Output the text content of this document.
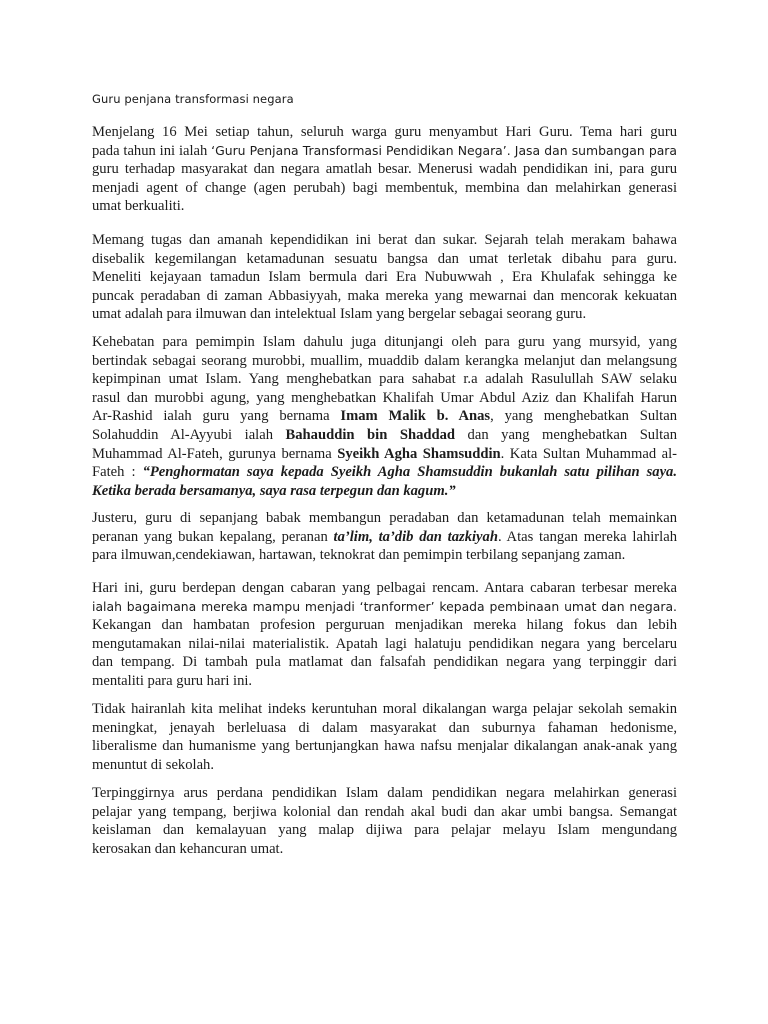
Guru penjana transformasi negara
Menjelang 16 Mei setiap tahun, seluruh warga guru menyambut Hari Guru. Tema hari guru
pada tahun ini ialah ‘Guru Penjana Transformasi Pendidikan Negara’. Jasa dan sumbangan para
guru terhadap masyarakat dan negara amatlah besar. Menerusi wadah pendidikan ini, para guru
menjadi agent of change (agen perubah) bagi membentuk, membina dan melahirkan generasi
umat berkualiti.
Memang tugas dan amanah kependidikan ini berat dan sukar. Sejarah telah merakam bahawa
disebalik kegemilangan ketamadunan sesuatu bangsa dan umat terletak dibahu para guru.
Meneliti kejayaan tamadun Islam bermula dari Era Nubuwwah , Era Khulafak sehingga ke
puncak peradaban di zaman Abbasiyyah, maka mereka yang mewarnai dan mencorak kekuatan
umat adalah para ilmuwan dan intelektual Islam yang bergelar sebagai seorang guru.
Kehebatan para pemimpin Islam dahulu juga ditunjangi oleh para guru yang mursyid, yang
bertindak sebagai seorang murobbi, muallim, muaddib dalam kerangka melanjut dan melangsung
kepimpinan umat Islam. Yang menghebatkan para sahabat r.a adalah Rasulullah SAW selaku
rasul dan murobbi agung, yang menghebatkan Khalifah Umar Abdul Aziz dan Khalifah Harun
Ar-Rashid ialah guru yang bernama Imam Malik b. Anas, yang menghebatkan Sultan
Solahuddin Al-Ayyubi ialah Bahauddin bin Shaddad dan yang menghebatkan Sultan
Muhammad Al-Fateh, gurunya bernama Syeikh Agha Shamsuddin. Kata Sultan Muhammad al-
Fateh : “Penghormatan saya kepada Syeikh Agha Shamsuddin bukanlah satu pilihan saya.
Ketika berada bersamanya, saya rasa terpegun dan kagum.”
Justeru, guru di sepanjang babak membangun peradaban dan ketamadunan telah memainkan
peranan yang bukan kepalang, peranan ta’lim, ta’dib dan tazkiyah. Atas tangan mereka lahirlah
para ilmuwan,cendekiawan, hartawan, teknokrat dan pemimpin terbilang sepanjang zaman.
Hari ini, guru berdepan dengan cabaran yang pelbagai rencam. Antara cabaran terbesar mereka
ialah bagaimana mereka mampu menjadi ‘tranformer’ kepada pembinaan umat dan negara.
Kekangan dan hambatan profesion perguruan menjadikan mereka hilang fokus dan lebih
mengutamakan nilai-nilai materialistik. Apatah lagi halatuju pendidikan negara yang bercelaru
dan tempang. Di tambah pula matlamat dan falsafah pendidikan negara yang terpinggir dari
mentaliti para guru hari ini.
Tidak hairanlah kita melihat indeks keruntuhan moral dikalangan warga pelajar sekolah semakin
meningkat, jenayah berleluasa di dalam masyarakat dan suburnya fahaman hedonisme,
liberalisme dan humanisme yang bertunjangkan hawa nafsu menjalar dikalangan anak-anak yang
menuntut di sekolah.
Terpinggirnya arus perdana pendidikan Islam dalam pendidikan negara melahirkan generasi
pelajar yang tempang, berjiwa kolonial dan rendah akal budi dan akar umbi bangsa. Semangat
keislaman dan kemalayuan yang malap dijiwa para pelajar melayu Islam mengundang
kerosakan dan kehancuran umat.
